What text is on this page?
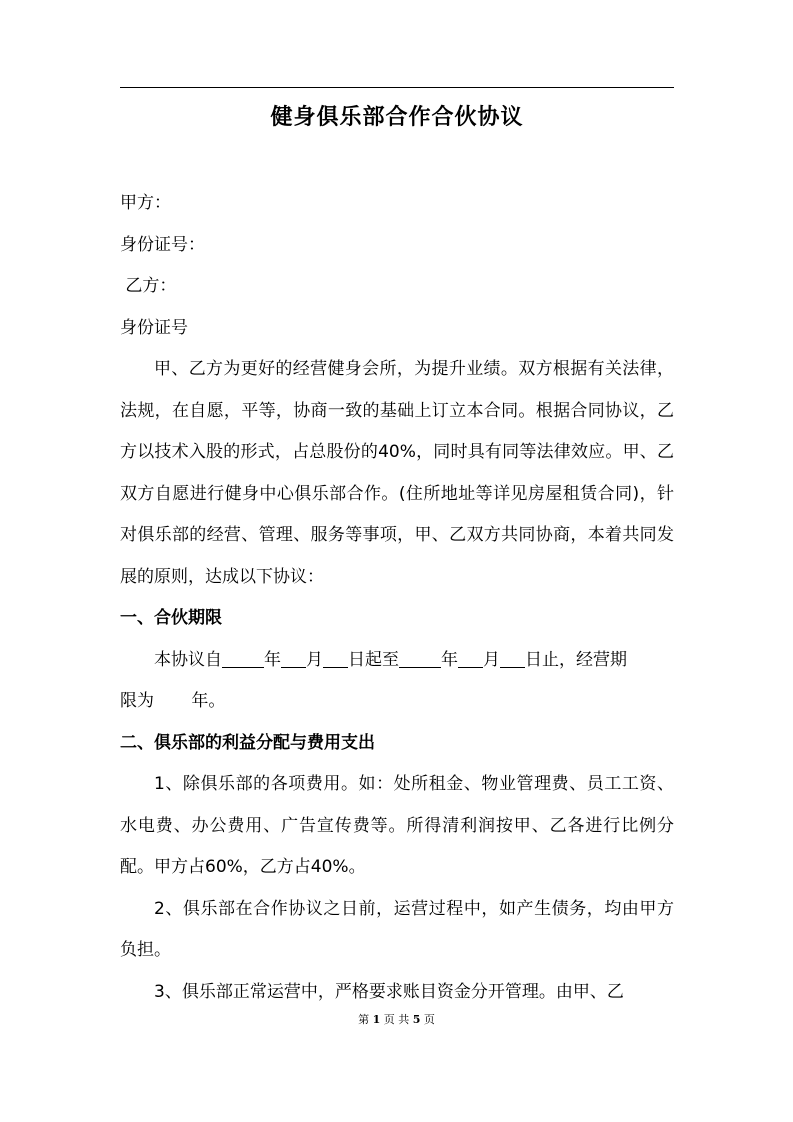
健身俱乐部合作合伙协议
甲方：
身份证号：
乙方：
身份证号
甲、乙方为更好的经营健身会所，为提升业绩。双方根据有关法律，法规，在自愿，平等，协商一致的基础上订立本合同。根据合同协议，乙方以技术入股的形式，占总股份的40%，同时具有同等法律效应。甲、乙双方自愿进行健身中心俱乐部合作。(住所地址等详见房屋租赁合同)，针对俱乐部的经营、管理、服务等事项，甲、乙双方共同协商，本着共同发展的原则，达成以下协议：
一、合伙期限
本协议自 年 月 日起至 年 月 日止，经营期
限为 年。
二、俱乐部的利益分配与费用支出
1、除俱乐部的各项费用。如：处所租金、物业管理费、员工工资、水电费、办公费用、广告宣传费等。所得清利润按甲、乙各进行比例分配。甲方占60%，乙方占40%。
2、俱乐部在合作协议之日前，运营过程中，如产生债务，均由甲方负担。
3、俱乐部正常运营中，严格要求账目资金分开管理。由甲、乙
第 1 页 共 5 页
